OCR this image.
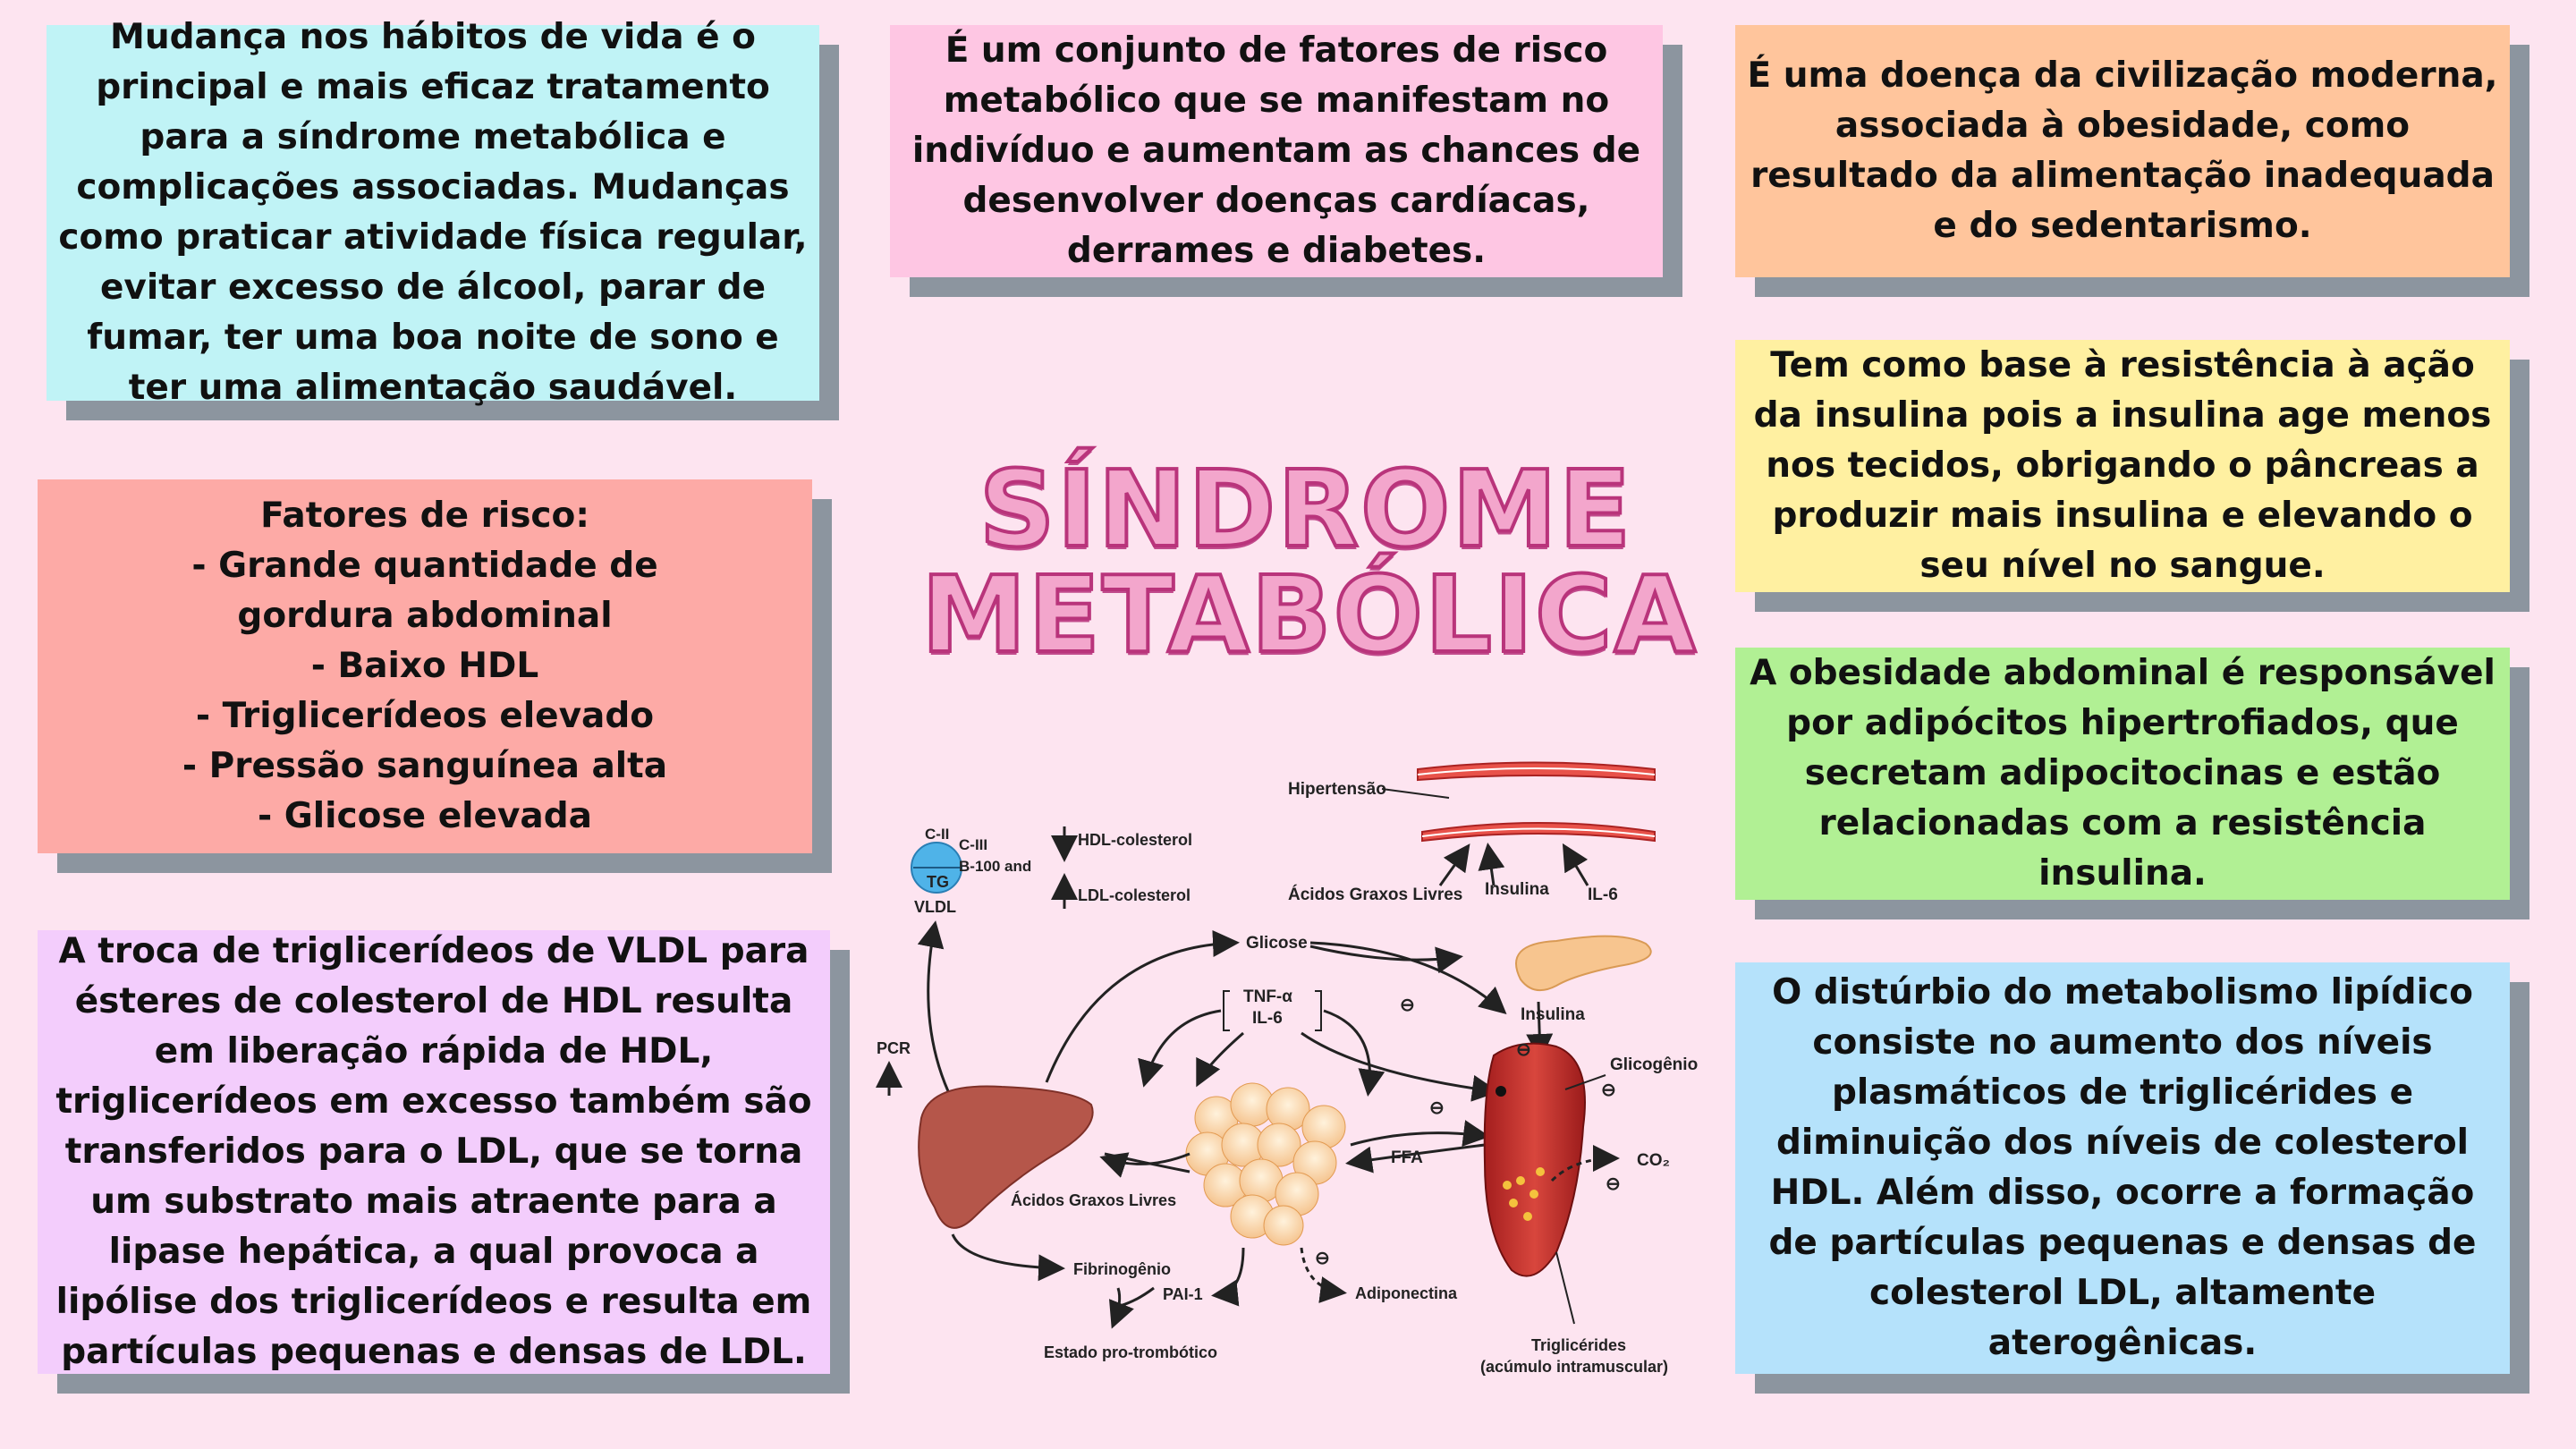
Mudança nos hábitos de vida é o principal e mais eficaz tratamento para a síndrome metabólica e complicações associadas. Mudanças como praticar atividade física regular, evitar excesso de álcool, parar de fumar, ter uma boa noite de sono e ter uma alimentação saudável.

É um conjunto de fatores de risco metabólico que se manifestam no indivíduo e aumentam as chances de desenvolver doenças cardíacas, derrames e diabetes.

É uma doença da civilização moderna, associada à obesidade, como resultado da alimentação inadequada e do sedentarismo.

Fatores de risco:
- Grande quantidade de
gordura abdominal
- Baixo HDL
- Triglicerídeos elevado
- Pressão sanguínea alta
- Glicose elevada

Tem como base à resistência à ação da insulina pois a insulina age menos nos tecidos, obrigando o pâncreas a produzir mais insulina e elevando o seu nível no sangue.

A obesidade abdominal é responsável por adipócitos hipertrofiados, que secretam adipocitocinas e estão relacionadas com a resistência insulina.

A troca de triglicerídeos de VLDL para ésteres de colesterol de HDL resulta em liberação rápida de HDL, triglicerídeos em excesso também são transferidos para o LDL, que se torna um substrato mais atraente para a lipase hepática, a qual provoca a lipólise dos triglicerídeos e resulta em partículas pequenas e densas de LDL.

O distúrbio do metabolismo lipídico consiste no aumento dos níveis plasmáticos de triglicérides e diminuição dos níveis de colesterol HDL. Além disso, ocorre a formação de partículas pequenas e densas de colesterol LDL, altamente aterogênicas.

SÍNDROME
METABÓLICA
Hipertensão
Ácidos Graxos Livres Insulina IL-6
TG
C-II
C-III
B-100 and
VLDL
HDL-colesterol
LDL-colesterol
Glicose
Insulina
TNF-α
IL-6
⊖
PCR
Ácidos Graxos Livres
FFA
Glicogênio
⊖
⊖
⊖
CO₂
⊖
Fibrinogênio
PAI-1
Estado pro-trombótico
⊖
Adiponectina
Triglicérides
(acúmulo intramuscular)
